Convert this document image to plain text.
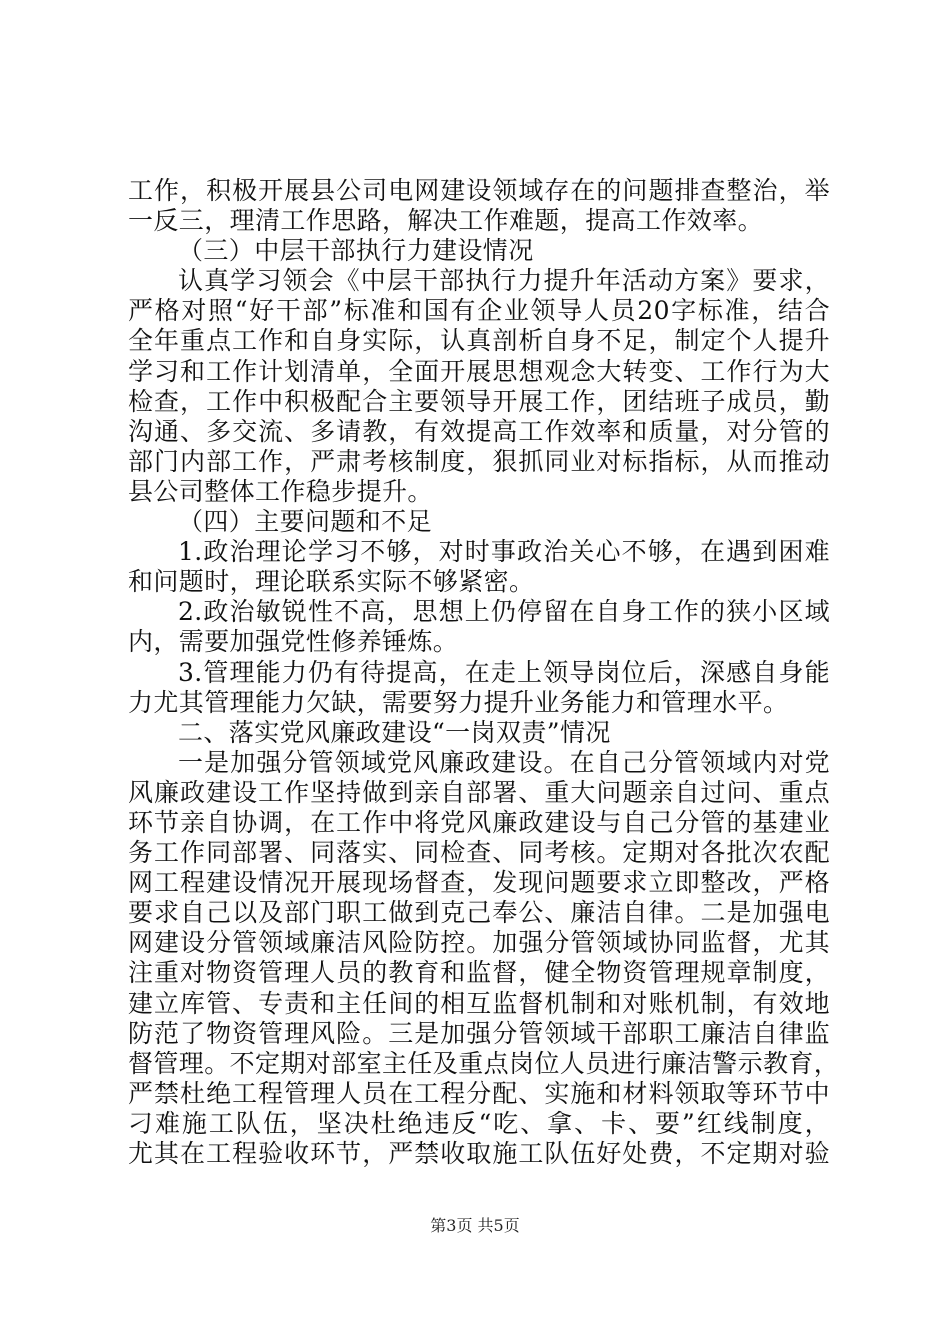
工作，积极开展县公司电网建设领域存在的问题排查整治，举
一反三，理清工作思路，解决工作难题，提高工作效率。
（三）中层干部执行力建设情况
认真学习领会《中层干部执行力提升年活动方案》要求，
严格对照“好干部”标准和国有企业领导人员20字标准，结合
全年重点工作和自身实际，认真剖析自身不足，制定个人提升
学习和工作计划清单，全面开展思想观念大转变、工作行为大
检查，工作中积极配合主要领导开展工作，团结班子成员，勤
沟通、多交流、多请教，有效提高工作效率和质量，对分管的
部门内部工作，严肃考核制度，狠抓同业对标指标，从而推动
县公司整体工作稳步提升。
（四）主要问题和不足
1.政治理论学习不够，对时事政治关心不够，在遇到困难
和问题时，理论联系实际不够紧密。
2.政治敏锐性不高，思想上仍停留在自身工作的狭小区域
内，需要加强党性修养锤炼。
3.管理能力仍有待提高，在走上领导岗位后，深感自身能
力尤其管理能力欠缺，需要努力提升业务能力和管理水平。
二、落实党风廉政建设“一岗双责”情况
一是加强分管领域党风廉政建设。在自己分管领域内对党
风廉政建设工作坚持做到亲自部署、重大问题亲自过问、重点
环节亲自协调，在工作中将党风廉政建设与自己分管的基建业
务工作同部署、同落实、同检查、同考核。定期对各批次农配
网工程建设情况开展现场督查，发现问题要求立即整改，严格
要求自己以及部门职工做到克己奉公、廉洁自律。二是加强电
网建设分管领域廉洁风险防控。加强分管领域协同监督，尤其
注重对物资管理人员的教育和监督，健全物资管理规章制度，
建立库管、专责和主任间的相互监督机制和对账机制，有效地
防范了物资管理风险。三是加强分管领域干部职工廉洁自律监
督管理。不定期对部室主任及重点岗位人员进行廉洁警示教育，
严禁杜绝工程管理人员在工程分配、实施和材料领取等环节中
刁难施工队伍，坚决杜绝违反“吃、拿、卡、要”红线制度，
尤其在工程验收环节，严禁收取施工队伍好处费，不定期对验
第3页 共5页
